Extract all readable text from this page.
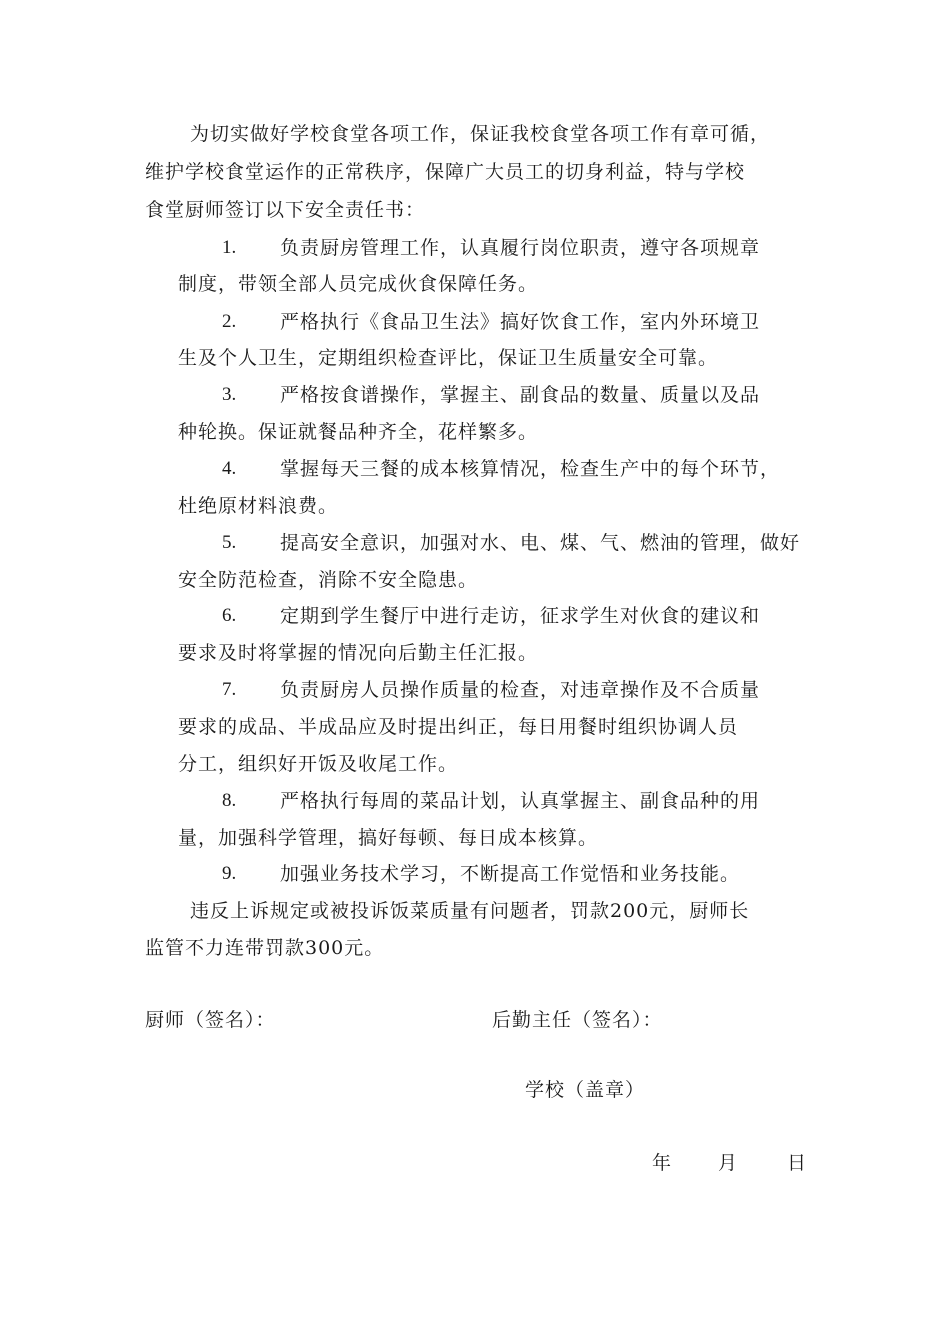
为切实做好学校食堂各项工作，保证我校食堂各项工作有章可循，
维护学校食堂运作的正常秩序，保障广大员工的切身利益，特与学校
食堂厨师签订以下安全责任书：
1. 负责厨房管理工作，认真履行岗位职责，遵守各项规章
制度，带领全部人员完成伙食保障任务。
2. 严格执行《食品卫生法》搞好饮食工作，室内外环境卫
生及个人卫生，定期组织检查评比，保证卫生质量安全可靠。
3. 严格按食谱操作，掌握主、副食品的数量、质量以及品
种轮换。保证就餐品种齐全，花样繁多。
4. 掌握每天三餐的成本核算情况，检查生产中的每个环节，
杜绝原材料浪费。
5. 提高安全意识，加强对水、电、煤、气、燃油的管理，做好
安全防范检查，消除不安全隐患。
6. 定期到学生餐厅中进行走访，征求学生对伙食的建议和
要求及时将掌握的情况向后勤主任汇报。
7. 负责厨房人员操作质量的检查，对违章操作及不合质量
要求的成品、半成品应及时提出纠正，每日用餐时组织协调人员
分工，组织好开饭及收尾工作。
8. 严格执行每周的菜品计划，认真掌握主、副食品种的用
量，加强科学管理，搞好每顿、每日成本核算。
9. 加强业务技术学习，不断提高工作觉悟和业务技能。
违反上诉规定或被投诉饭菜质量有问题者，罚款200元，厨师长
监管不力连带罚款300元。
厨师（签名）：	后勤主任（签名）：
学校（盖章）
年 月	日
